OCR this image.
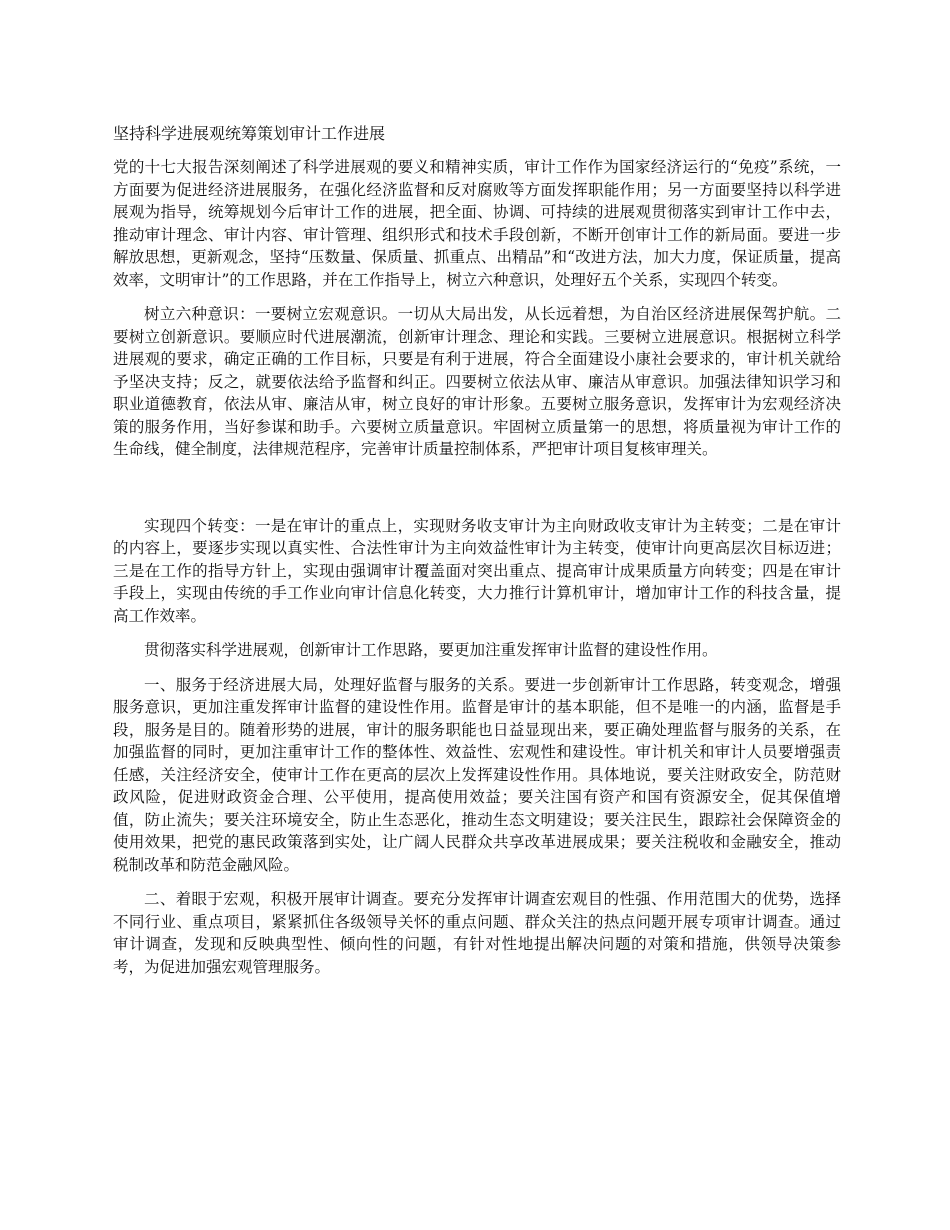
坚持科学进展观统筹策划审计工作进展

党的十七大报告深刻阐述了科学进展观的要义和精神实质，审计工作作为国家经济运行的“免疫”系统，一方面要为促进经济进展服务，在强化经济监督和反对腐败等方面发挥职能作用；另一方面要坚持以科学进展观为指导，统筹规划今后审计工作的进展，把全面、协调、可持续的进展观贯彻落实到审计工作中去，推动审计理念、审计内容、审计管理、组织形式和技术手段创新，不断开创审计工作的新局面。要进一步解放思想，更新观念，坚持“压数量、保质量、抓重点、出精品”和“改进方法，加大力度，保证质量，提高效率，文明审计”的工作思路，并在工作指导上，树立六种意识，处理好五个关系，实现四个转变。

树立六种意识：一要树立宏观意识。一切从大局出发，从长远着想，为自治区经济进展保驾护航。二要树立创新意识。要顺应时代进展潮流，创新审计理念、理论和实践。三要树立进展意识。根据树立科学进展观的要求，确定正确的工作目标，只要是有利于进展，符合全面建设小康社会要求的，审计机关就给予坚决支持；反之，就要依法给予监督和纠正。四要树立依法从审、廉洁从审意识。加强法律知识学习和职业道德教育，依法从审、廉洁从审，树立良好的审计形象。五要树立服务意识，发挥审计为宏观经济决策的服务作用，当好参谋和助手。六要树立质量意识。牢固树立质量第一的思想，将质量视为审计工作的生命线，健全制度，法律规范程序，完善审计质量控制体系，严把审计项目复核审理关。

实现四个转变：一是在审计的重点上，实现财务收支审计为主向财政收支审计为主转变；二是在审计的内容上，要逐步实现以真实性、合法性审计为主向效益性审计为主转变，使审计向更高层次目标迈进；三是在工作的指导方针上，实现由强调审计覆盖面对突出重点、提高审计成果质量方向转变；四是在审计手段上，实现由传统的手工作业向审计信息化转变，大力推行计算机审计，增加审计工作的科技含量，提高工作效率。

贯彻落实科学进展观，创新审计工作思路，要更加注重发挥审计监督的建设性作用。

一、服务于经济进展大局，处理好监督与服务的关系。要进一步创新审计工作思路，转变观念，增强服务意识，更加注重发挥审计监督的建设性作用。监督是审计的基本职能，但不是唯一的内涵，监督是手段，服务是目的。随着形势的进展，审计的服务职能也日益显现出来，要正确处理监督与服务的关系，在加强监督的同时，更加注重审计工作的整体性、效益性、宏观性和建设性。审计机关和审计人员要增强责任感，关注经济安全，使审计工作在更高的层次上发挥建设性作用。具体地说，要关注财政安全，防范财政风险，促进财政资金合理、公平使用，提高使用效益；要关注国有资产和国有资源安全，促其保值增值，防止流失；要关注环境安全，防止生态恶化，推动生态文明建设；要关注民生，跟踪社会保障资金的使用效果，把党的惠民政策落到实处，让广阔人民群众共享改革进展成果；要关注税收和金融安全，推动税制改革和防范金融风险。

二、着眼于宏观，积极开展审计调查。要充分发挥审计调查宏观目的性强、作用范围大的优势，选择不同行业、重点项目，紧紧抓住各级领导关怀的重点问题、群众关注的热点问题开展专项审计调查。通过审计调查，发现和反映典型性、倾向性的问题，有针对性地提出解决问题的对策和措施，供领导决策参考，为促进加强宏观管理服务。
